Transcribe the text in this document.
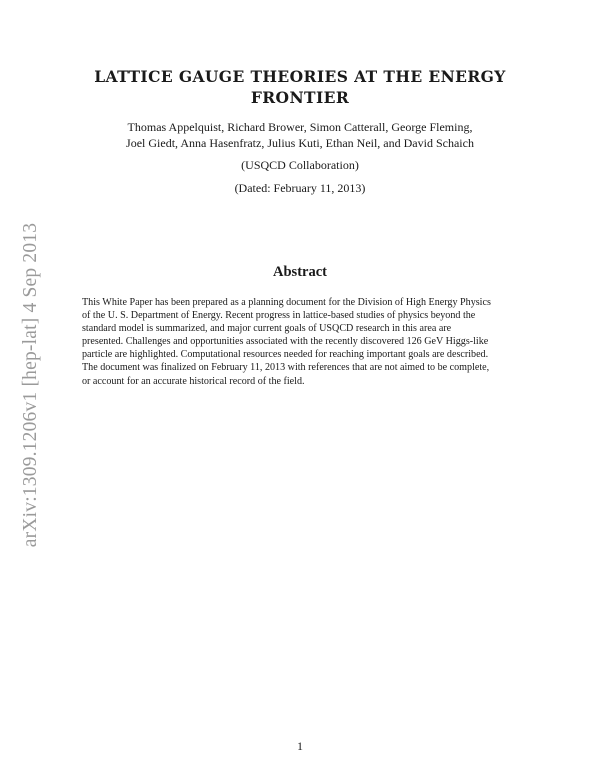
arXiv:1309.1206v1 [hep-lat] 4 Sep 2013
LATTICE GAUGE THEORIES AT THE ENERGY
FRONTIER
Thomas Appelquist, Richard Brower, Simon Catterall, George Fleming,
Joel Giedt, Anna Hasenfratz, Julius Kuti, Ethan Neil, and David Schaich
(USQCD Collaboration)
(Dated: February 11, 2013)
Abstract
This White Paper has been prepared as a planning document for the Division of High Energy Physics
of the U. S. Department of Energy. Recent progress in lattice-based studies of physics beyond the
standard model is summarized, and major current goals of USQCD research in this area are
presented. Challenges and opportunities associated with the recently discovered 126 GeV Higgs-like
particle are highlighted. Computational resources needed for reaching important goals are described.
The document was finalized on February 11, 2013 with references that are not aimed to be complete,
or account for an accurate historical record of the field.
1
